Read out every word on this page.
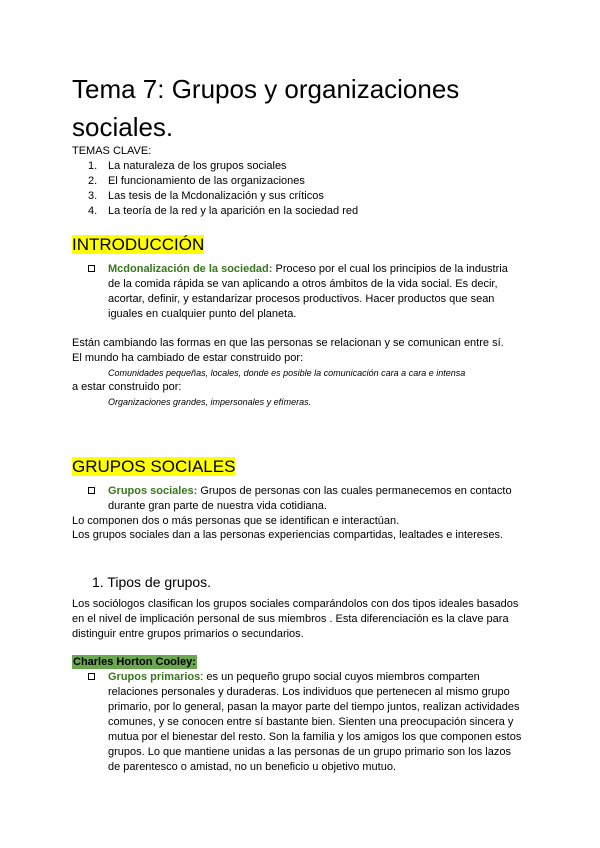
Tema 7: Grupos y organizaciones sociales.
TEMAS CLAVE:
1. La naturaleza de los grupos sociales
2. El funcionamiento de las organizaciones
3. Las tesis de la Mcdonalización y sus críticos
4. La teoría de la red y la aparición en la sociedad red
INTRODUCCIÓN
Mcdonalización de la sociedad: Proceso por el cual los principios de la industria de la comida rápida se van aplicando a otros ámbitos de la vida social. Es decir, acortar, definir, y estandarizar procesos productivos. Hacer productos que sean iguales en cualquier punto del planeta.
Están cambiando las formas en que las personas se relacionan y se comunican entre sí.
El mundo ha cambiado de estar construido por:
Comunidades pequeñas, locales, donde es posible la comunicación cara a cara e intensa
a estar construido por:
Organizaciones grandes, impersonales y efímeras.
GRUPOS SOCIALES
Grupos sociales: Grupos de personas con las cuales permanecemos en contacto durante gran parte de nuestra vida cotidiana.
Lo componen dos o más personas que se identifican e interactúan.
Los grupos sociales dan a las personas experiencias compartidas, lealtades e intereses.
1. Tipos de grupos.
Los sociólogos clasifican los grupos sociales comparándolos con dos tipos ideales basados en el nivel de implicación personal de sus miembros . Esta diferenciación es la clave para distinguir entre grupos primarios o secundarios.
Charles Horton Cooley:
Grupos primarios: es un pequeño grupo social cuyos miembros comparten relaciones personales y duraderas. Los individuos que pertenecen al mismo grupo primario, por lo general, pasan la mayor parte del tiempo juntos, realizan actividades comunes, y se conocen entre sí bastante bien. Sienten una preocupación sincera y mutua por el bienestar del resto. Son la familia y los amigos los que componen estos grupos. Lo que mantiene unidas a las personas de un grupo primario son los lazos de parentesco o amistad, no un beneficio u objetivo mutuo.
